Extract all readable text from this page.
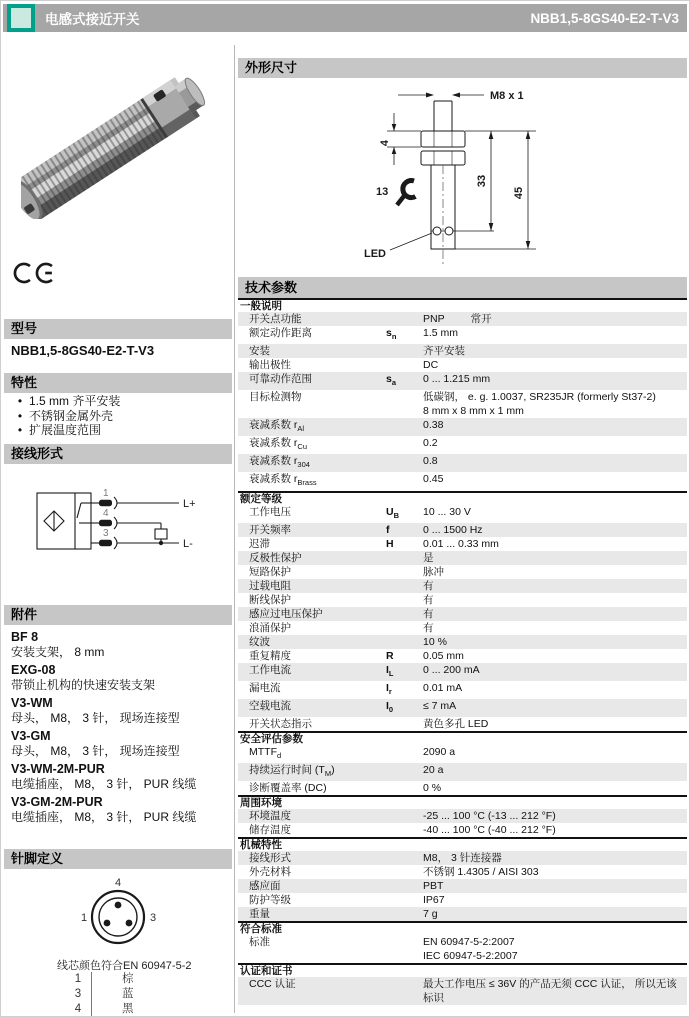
电感式接近开关	NBB1,5-8GS40-E2-T-V3
型号
NBB1,5-8GS40-E2-T-V3
特性
• 1.5 mm 齐平安装
• 不锈钢金属外壳
• 扩展温度范围
接线形式
1
4
3
L+
L-
附件
BF 8
安装支架， 8 mm
EXG-08
带锁止机构的快速安装支架
V3-WM
母头， M8， 3 针， 现场连接型
V3-GM
母头， M8， 3 针， 现场连接型
V3-WM-2M-PUR
电缆插座， M8， 3 针， PUR 线缆
V3-GM-2M-PUR
电缆插座， M8， 3 针， PUR 线缆
针脚定义
4
1	3
线芯颜色符合EN 60947-5-2
1	棕
3	蓝
4	黑
外形尺寸
M8 x 1
4
13
33
45
LED
技术参数
一般说明
开关点功能	PNP 常开
额定动作距离	$s_n$	1.5 mm
安装	齐平安装
输出极性	DC
可靠动作范围	$s_a$	0 ... 1.215 mm
目标检测物	低碳钢， e. g. 1.0037, SR235JR (formerly St37-2)
8 mm x 8 mm x 1 mm
衰减系数 $r_{Al}$	0.38
衰减系数 $r_{Cu}$	0.2
衰减系数 $r_{304}$	0.8
衰减系数 $r_{Brass}$	0.45
额定等级
工作电压	$U_B$	10 ... 30 V
开关频率	f	0 ... 1500 Hz
迟滞	H	0.01 ... 0.33 mm
反极性保护	是
短路保护	脉冲
过载电阻	有
断线保护	有
感应过电压保护	有
浪涌保护	有
纹波	10 %
重复精度	R	0.05 mm
工作电流	$I_L$	0 ... 200 mA
漏电流	$I_r$	0.01 mA
空载电流	$I_0$	≤ 7 mA
开关状态指示	黄色多孔 LED
安全评估参数
$MTTF_d$	2090 a
持续运行时间 $(T_M)$	20 a
诊断覆盖率 (DC)	0 %
周围环境
环境温度	-25 ... 100 °C (-13 ... 212 °F)
储存温度	-40 ... 100 °C (-40 ... 212 °F)
机械特性
接线形式	M8， 3 针连接器
外壳材料	不锈钢 1.4305 / AISI 303
感应面	PBT
防护等级	IP67
重量	7 g
符合标准
标准	EN 60947-5-2:2007
IEC 60947-5-2:2007
认证和证书
CCC 认证	最大工作电压 ≤ 36V 的产品无须 CCC 认证， 所以无该标识
